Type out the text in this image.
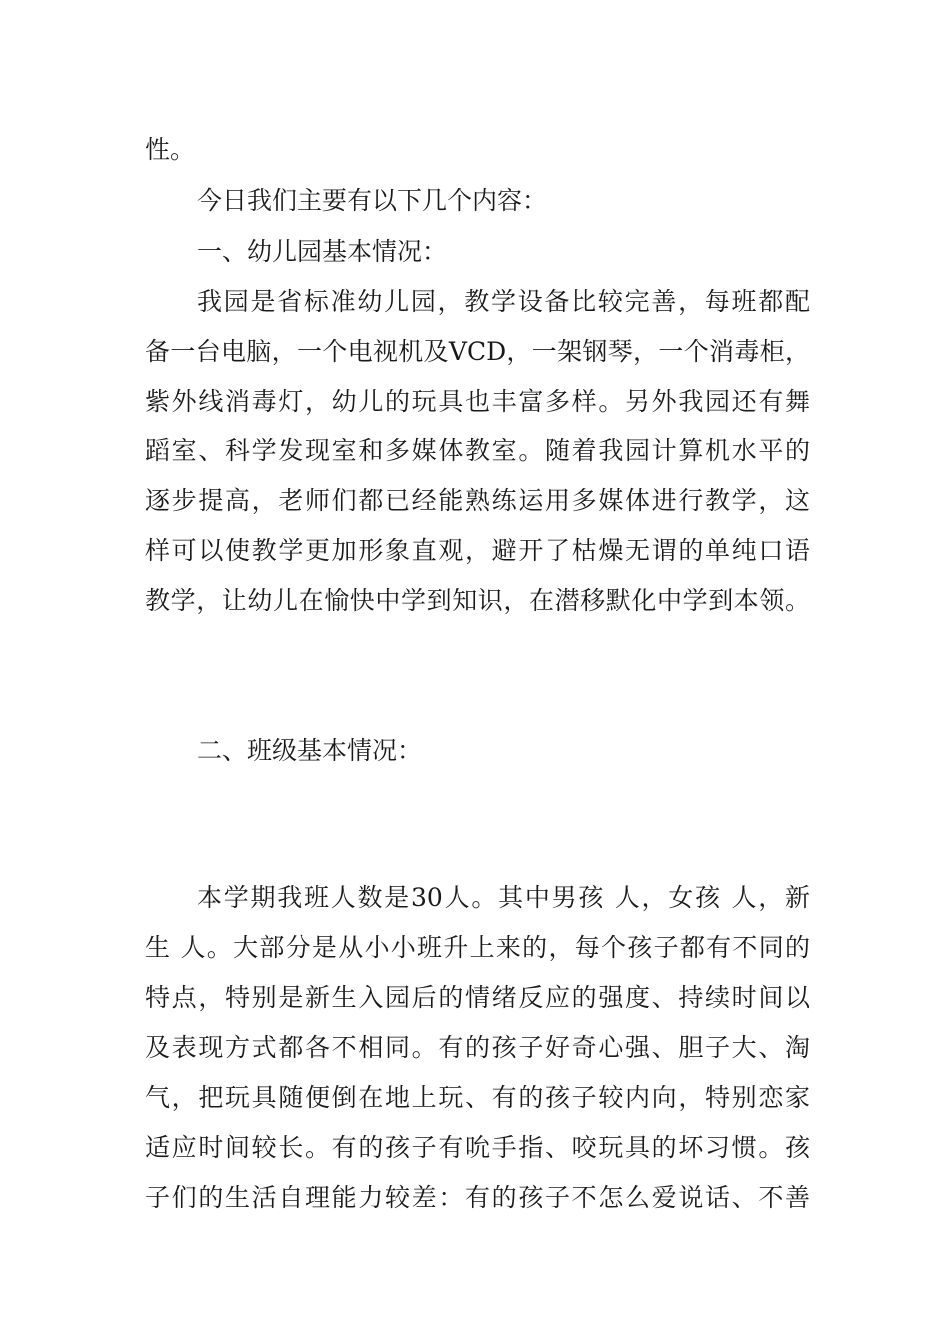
性。
今日我们主要有以下几个内容：
一、幼儿园基本情况：
我园是省标准幼儿园，教学设备比较完善，每班都配
备一台电脑，一个电视机及VCD，一架钢琴，一个消毒柜，
紫外线消毒灯，幼儿的玩具也丰富多样。另外我园还有舞
蹈室、科学发现室和多媒体教室。随着我园计算机水平的
逐步提高，老师们都已经能熟练运用多媒体进行教学，这
样可以使教学更加形象直观，避开了枯燥无谓的单纯口语
教学，让幼儿在愉快中学到知识，在潜移默化中学到本领。
二、班级基本情况：
本学期我班人数是30人。其中男孩 人，女孩 人，新
生 人。大部分是从小小班升上来的，每个孩子都有不同的
特点，特别是新生入园后的情绪反应的强度、持续时间以
及表现方式都各不相同。有的孩子好奇心强、胆子大、淘
气，把玩具随便倒在地上玩、有的孩子较内向，特别恋家
适应时间较长。有的孩子有吮手指、咬玩具的坏习惯。孩
子们的生活自理能力较差：有的孩子不怎么爱说话、不善
